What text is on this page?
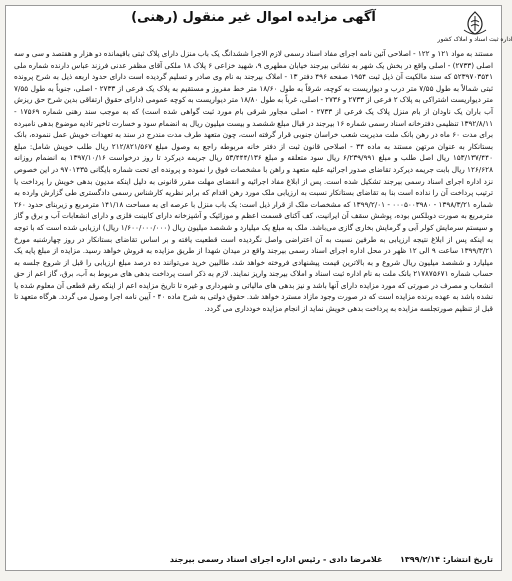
اداره ثبت اسناد و املاک کشور
آگهی مزایده اموال غیر منقول (رهنی)
مستند به مواد ۱۲۱ و ۱۲۲ - اصلاحی آئین نامه اجرای مفاد اسناد رسمی لازم الاجرا ششدانگ یک باب منزل دارای پلاک ثبتی باقیمانده دو هزار و هفتصد و سی و سه اصلی (۲۷۳۳) - اصلی واقع در بخش یک شهر به نشانی بیرجند خیابان مطهری ۹، شهید خزاعی ۶ پلاک ۱۸ ملکی آقای مظفر عدنی فرزند عباس دارنده شماره ملی ۵۲۳۹۷۰۳۵۴۱ که سند مالکیت آن ذیل ثبت ۱۹۵۴ صفحه ۴۹۶ دفتر ۱۳ - املاک بیرجند به نام وی صادر و تسلیم گردیده است دارای حدود اربعه ذیل به شرح پرونده ثبتی شمالاً به طول ۷/۵۵ متر درب و دیواریست به کوچه، شرقاً به طول ۱۸/۶۰ متر خط مفروز و مستقیم به پلاک یک فرعی از ۲۷۳۳ - اصلی، جنوباً به طول ۷/۵۵ متر دیواریست اشتراکی به پلاک ۲ فرعی از ۲۷۳۳ و ۲۷۳۶ - اصلی، غرباً به طول ۱۸/۸۰ متر دیواریست به کوچه عمومی (دارای حقوق ارتفاقی بدین شرح حق ریزش آب باران یک ناودان از بام منزل پلاک یک فرعی از ۲۷۳۳ - اصلی مجاور شرقی بام مورد ثبت گواهی شده است) که به موجب سند رهنی شماره ۱۷۵۶۹ - ۱۳۹۲/۸/۱۱ تنظیمی دفترخانه اسناد رسمی شماره ۱۶ بیرجند در قبال مبلغ ششصد و بیست میلیون ریال به انضمام سود و خسارت تاخیر تادیه موضوع بدهی نامبرده برای مدت ۶۰ ماه در رهن بانک ملت مدیریت شعب خراسان جنوبی قرار گرفته است، چون متعهد طرف مدت مندرج در سند به تعهدات خویش عمل ننموده، بانک بستانکار به عنوان مرتهن مستند به ماده ۳۴ - اصلاحی قانون ثبت از دفتر خانه مربوطه راجع به وصول مبلغ ۲۱۲/۸۲۱/۵۶۷ ریال طلب خویش شامل: مبلغ ۱۵۳/۱۳۷/۴۴۰ ریال اصل طلب و مبلغ ۶/۲۳۹/۹۹۱ ریال سود متعلقه و مبلغ ۵۳/۴۴۴/۱۳۶ ریال جریمه دیرکرد تا روز درخواست ۱۳۹۷/۱۰/۱۶ به انضمام روزانه ۱۲۶/۶۲۸ ریال بابت جریمه دیرکرد تقاضای صدور اجرائیه علیه متعهد و راهن با مشخصات فوق را نموده و پرونده ای تحت شماره بایگانی ۹۷۰۱۴۳۵ در این خصوص نزد اداره اجرای اسناد رسمی بیرجند تشکیل شده است. پس از ابلاغ مفاد اجرائیه و انقضای مهلت مقرر قانونی به دلیل اینکه مدیون بدهی خویش را پرداخت یا ترتیب پرداخت آن را نداده است بنا به تقاضای بستانکار نسبت به ارزیابی ملک مورد رهن اقدام که برابر نظریه کارشناس رسمی دادگستری طی گزارش وارده به شماره ۱۳۹۸/۳/۲۱ - ۰۰۰۵۰۰۳۹۸۰ - ۱۳۹۹/۲/۰۱ که مشخصات ملک از قرار ذیل است: یک باب منزل با عرصه ای به مساحت ۱۴۱/۱۸ مترمربع و زیربنای حدود ۲۶۰ مترمربع به صورت دوبلکس بوده، پوشش سقف آن ایرانیت، کف آکنای قسمت اعظم و موزائیک و آشپزخانه دارای کابینت فلزی و دارای انشعابات آب و برق و گاز و سیستم سرمایش کولر آبی و گرمایش بخاری گازی می‌باشد. ملک به مبلغ یک میلیارد و ششصد میلیون ریال (۱/۶۰۰/۰۰۰/۰۰۰ ریال) ارزیابی شده است که با توجه به اینکه پس از ابلاغ نتیجه ارزیابی به طرفین نسبت به آن اعتراضی واصل نگردیده است قطعیت یافته و بر اساس تقاضای بستانکار در روز چهارشنبه مورخ ۱۳۹۹/۳/۲۱ ساعت ۹ الی ۱۲ ظهر در محل اداره اجرای اسناد رسمی بیرجند واقع در میدان شهدا از طریق مزایده به فروش خواهد رسید. مزایده از مبلغ پایه یک میلیارد و ششصد میلیون ریال شروع و به بالاترین قیمت پیشنهادی فروخته خواهد شد، طالبین خرید می‌توانند ده درصد مبلغ ارزیابی را قبل از شروع جلسه به حساب شماره ۲۱۷۸۷۵۶۷۱ بانک ملت به نام اداره ثبت اسناد و املاک بیرجند واریز نمایند. لازم به ذکر است پرداخت بدهی های مربوط به آب، برق، گاز اعم از حق انشعاب و مصرف در صورتی که مورد مزایده دارای آنها باشد و نیز بدهی های مالیاتی و شهرداری و غیره تا تاریخ مزایده اعم از اینکه رقم قطعی آن معلوم شده یا نشده باشد به عهده برنده مزایده است که در صورت وجود مازاد مسترد خواهد شد. حقوق دولتی به شرح ماده ۴۰ - آیین نامه اجرا وصول می گردد. هرگاه متعهد تا قبل از تنظیم صورتجلسه مزایده به پرداخت بدهی خویش نماید از انجام مزایده خودداری می گردد.
تاریخ انتشار: ۱۳۹۹/۲/۱۴  غلامرضا دادی - رئیس اداره اجرای اسناد رسمی بیرجند
